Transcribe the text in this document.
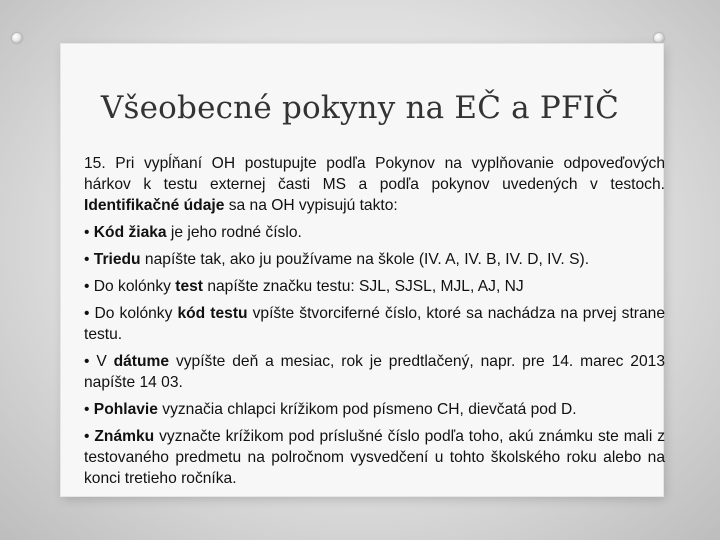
Všeobecné pokyny na EČ a PFIČ

15. Pri vypĺňaní OH postupujte podľa Pokynov na vyplňovanie odpoveďových hárkov k testu externej časti MS a podľa pokynov uvedených v testoch. Identifikačné údaje sa na OH vypisujú takto:

• Kód žiaka je jeho rodné číslo.

• Triedu napíšte tak, ako ju používame na škole (IV. A, IV. B, IV. D, IV. S).

• Do kolónky test napíšte značku testu: SJL, SJSL, MJL, AJ, NJ

• Do kolónky kód testu vpíšte štvorciferné číslo, ktoré sa nachádza na prvej strane testu.

• V dátume vypíšte deň a mesiac, rok je predtlačený, napr. pre 14. marec 2013 napíšte 14 03.

• Pohlavie vyznačia chlapci krížikom pod písmeno CH, dievčatá pod D.

• Známku vyznačte krížikom pod príslušné číslo podľa toho, akú známku ste mali z testovaného predmetu na polročnom vysvedčení u tohto školského roku alebo na konci tretieho ročníka.
